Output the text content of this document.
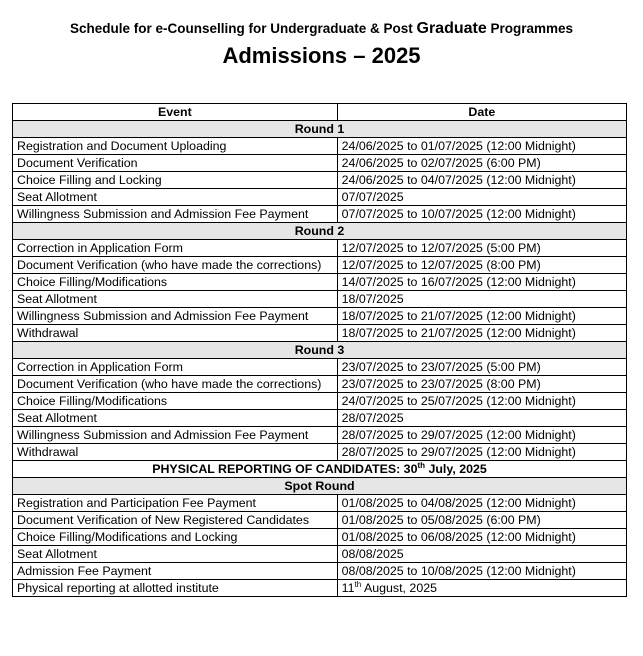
Schedule for e-Counselling for Undergraduate & Post Graduate Programmes
Admissions – 2025
Event	Date
Round 1	
Registration and Document Uploading	24/06/2025 to 01/07/2025 (12:00 Midnight)
Document Verification	24/06/2025 to 02/07/2025 (6:00 PM)
Choice Filling and Locking	24/06/2025 to 04/07/2025 (12:00 Midnight)
Seat Allotment	07/07/2025
Willingness Submission and Admission Fee Payment	07/07/2025 to 10/07/2025 (12:00 Midnight)
Round 2	
Correction in Application Form	12/07/2025 to 12/07/2025 (5:00 PM)
Document Verification (who have made the corrections)	12/07/2025 to 12/07/2025 (8:00 PM)
Choice Filling/Modifications	14/07/2025 to 16/07/2025 (12:00 Midnight)
Seat Allotment	18/07/2025
Willingness Submission and Admission Fee Payment	18/07/2025 to 21/07/2025 (12:00 Midnight)
Withdrawal	18/07/2025 to 21/07/2025 (12:00 Midnight)
Round 3	
Correction in Application Form	23/07/2025 to 23/07/2025 (5:00 PM)
Document Verification (who have made the corrections)	23/07/2025 to 23/07/2025 (8:00 PM)
Choice Filling/Modifications	24/07/2025 to 25/07/2025 (12:00 Midnight)
Seat Allotment	28/07/2025
Willingness Submission and Admission Fee Payment	28/07/2025 to 29/07/2025 (12:00 Midnight)
Withdrawal	28/07/2025 to 29/07/2025 (12:00 Midnight)
PHYSICAL REPORTING OF CANDIDATES: 30th July, 2025	
Spot Round	
Registration and Participation Fee Payment	01/08/2025 to 04/08/2025 (12:00 Midnight)
Document Verification of New Registered Candidates	01/08/2025 to 05/08/2025 (6:00 PM)
Choice Filling/Modifications and Locking	01/08/2025 to 06/08/2025 (12:00 Midnight)
Seat Allotment	08/08/2025
Admission Fee Payment	08/08/2025 to 10/08/2025 (12:00 Midnight)
Physical reporting at allotted institute	11th August, 2025
